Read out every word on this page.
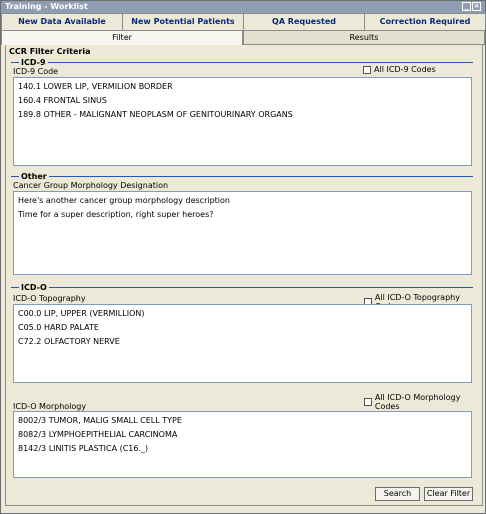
Training - Worklist	_ ×
New Data Available	New Potential Patients	QA Requested	Correction Required
Filter	Results
CCR Filter Criteria
ICD-9
ICD-9 Code	All ICD-9 Codes
140.1 LOWER LIP, VERMILION BORDER
160.4 FRONTAL SINUS
189.8 OTHER - MALIGNANT NEOPLASM OF GENITOURINARY ORGANS
Other
Cancer Group Morphology Designation
Here's another cancer group morphology description
Time for a super description, right super heroes?
ICD-O
ICD-O Topography	All ICD-O Topography
C00.0 LIP, UPPER (VERMILLION)
C05.0 HARD PALATE
C72.2 OLFACTORY NERVE
All ICD-O Morphology Codes
ICD-O Morphology
8002/3 TUMOR, MALIG SMALL CELL TYPE
8082/3 LYMPHOEPITHELIAL CARCINOMA
8142/3 LINITIS PLASTICA (C16._)
Search	Clear Filter
